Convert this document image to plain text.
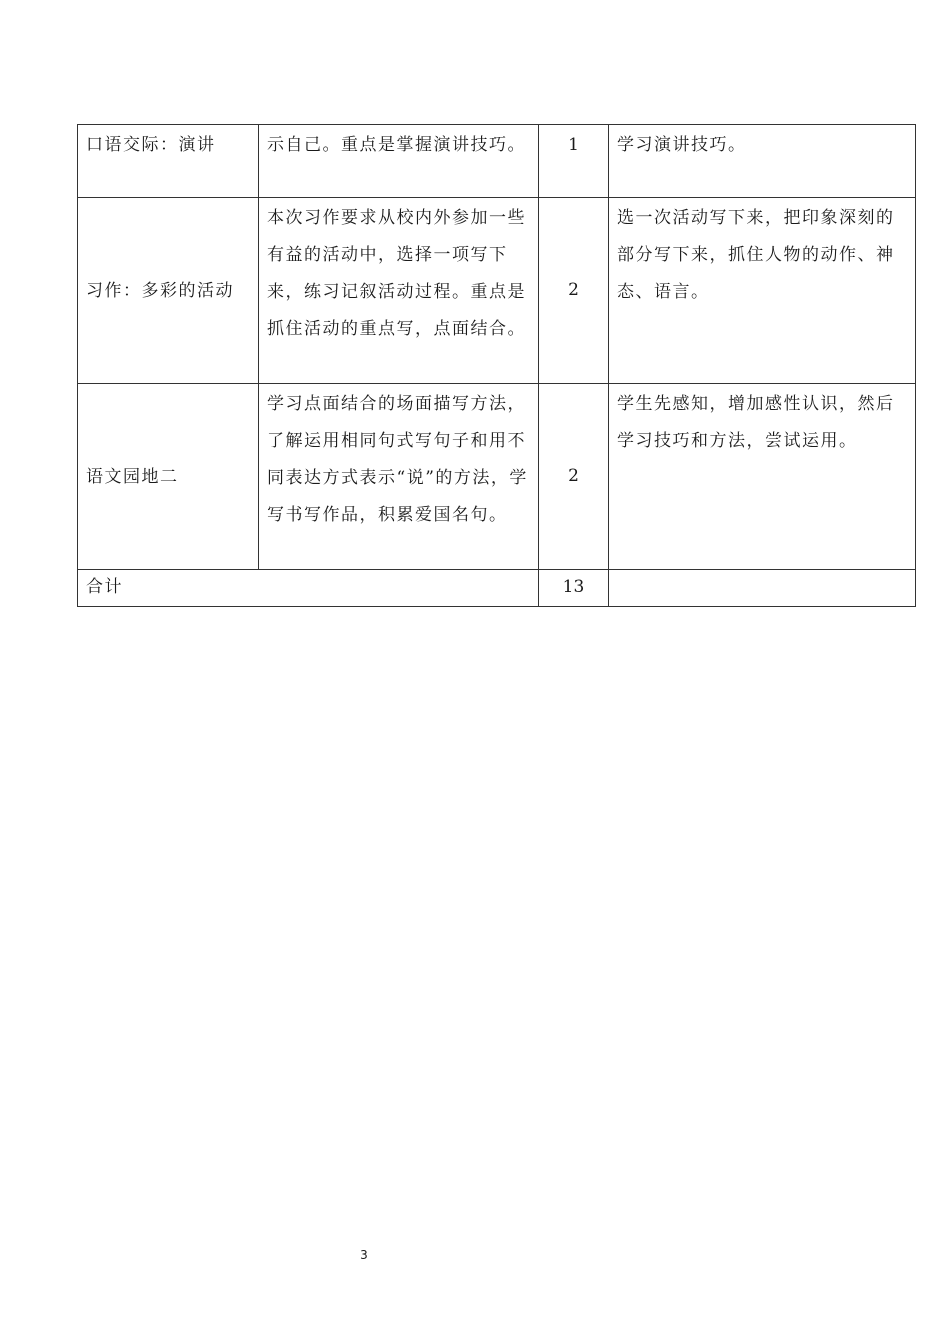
口语交际：演讲	示自己。重点是掌握演讲技巧。	1	学习演讲技巧。
习作：多彩的活动	本次习作要求从校内外参加一些有益的活动中，选择一项写下来，练习记叙活动过程。重点是抓住活动的重点写，点面结合。	2	选一次活动写下来，把印象深刻的部分写下来，抓住人物的动作、神态、语言。
语文园地二	学习点面结合的场面描写方法，了解运用相同句式写句子和用不同表达方式表示“说”的方法，学写书写作品，积累爱国名句。	2	学生先感知，增加感性认识，然后学习技巧和方法，尝试运用。
合计		13	
3
